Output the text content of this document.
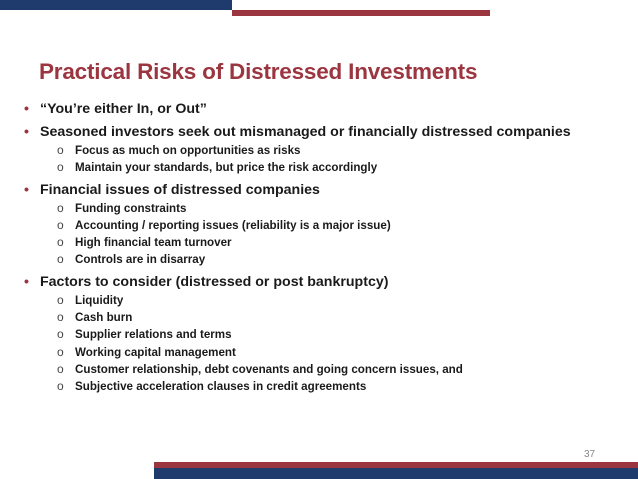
Practical Risks of Distressed Investments
• “You’re either In, or Out”
• Seasoned investors seek out mismanaged or financially distressed companies
o Focus as much on opportunities as risks
o Maintain your standards, but price the risk accordingly
• Financial issues of distressed companies
o Funding constraints
o Accounting / reporting issues (reliability is a major issue)
o High financial team turnover
o Controls are in disarray
• Factors to consider (distressed or post bankruptcy)
o Liquidity
o Cash burn
o Supplier relations and terms
o Working capital management
o Customer relationship, debt covenants and going concern issues, and
o Subjective acceleration clauses in credit agreements
37
